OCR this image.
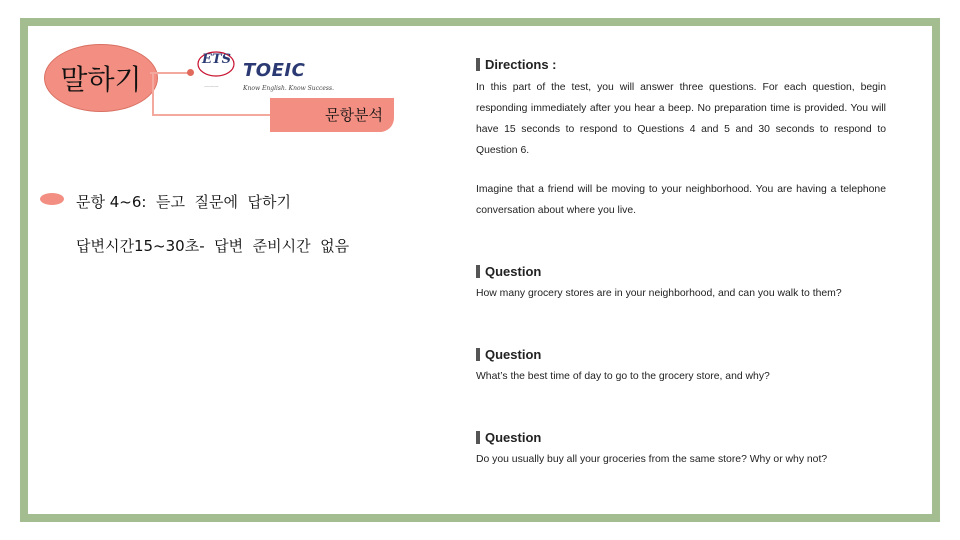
말하기
문항분석
ETS
ㅡㅡㅡ
TOEIC
Know English. Know Success.
문항 4~6:  듣고  질문에  답하기
답변시간15~30초-  답변  준비시간  없음
Directions :

In this part of the test, you will answer three questions. For each question, begin responding immediately after you hear a beep. No preparation time is provided. You will have 15 seconds to respond to Questions 4 and 5 and 30 seconds to respond to Question 6.

Imagine that a friend will be moving to your neighborhood. You are having a telephone conversation about where you live.

Question

How many grocery stores are in your neighborhood, and can you walk to them?

Question

What’s the best time of day to go to the grocery store, and why?

Question

Do you usually buy all your groceries from the same store? Why or why not?
